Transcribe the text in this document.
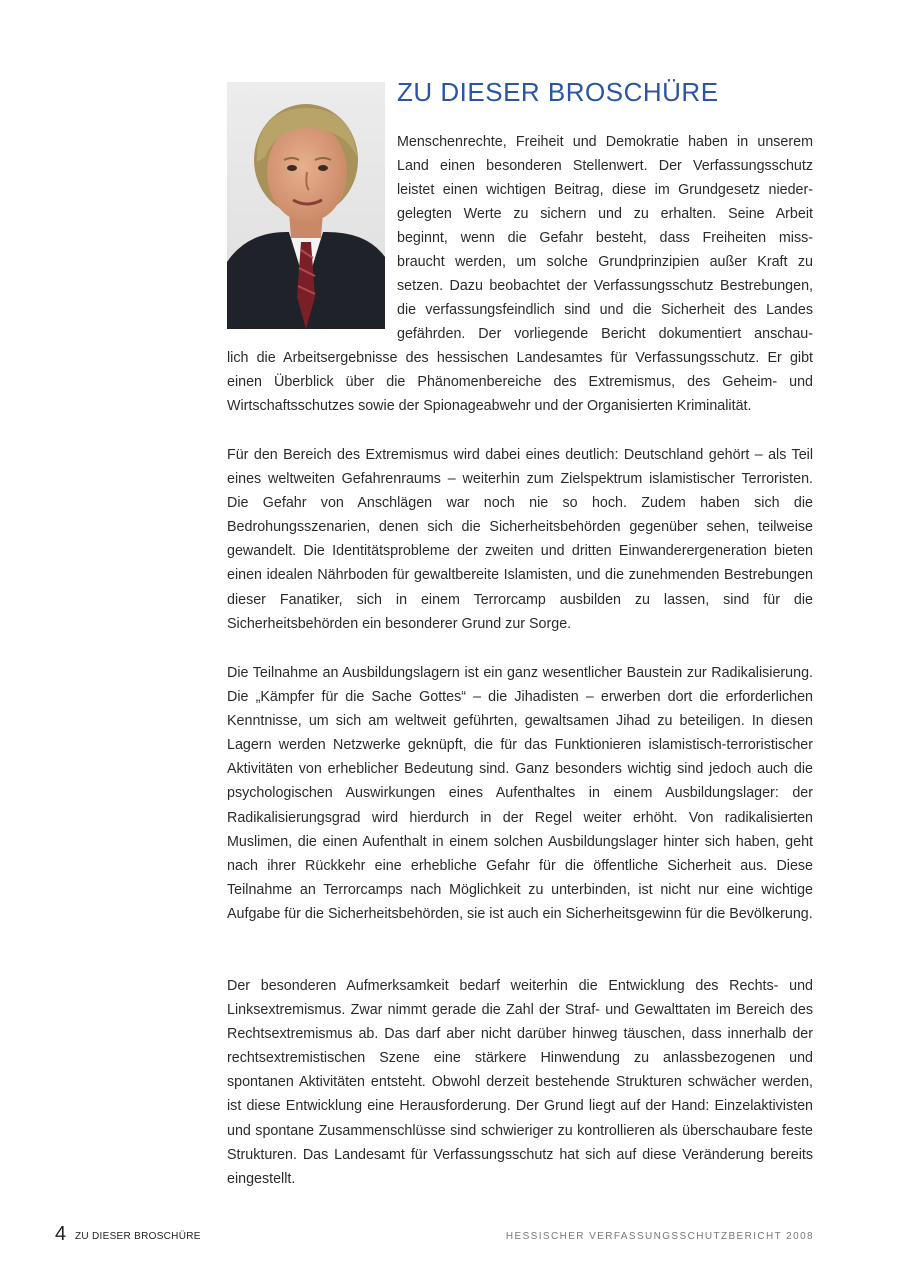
ZU DIESER BROSCHÜRE
Menschenrechte, Freiheit und Demokratie haben in unserem
Land einen besonderen Stellenwert. Der Verfassungsschutz
leistet einen wichtigen Beitrag, diese im Grundgesetz nieder-
gelegten Werte zu sichern und zu erhalten. Seine Arbeit
beginnt, wenn die Gefahr besteht, dass Freiheiten miss-
braucht werden, um solche Grundprinzipien außer Kraft zu
setzen. Dazu beobachtet der Verfassungsschutz Bestrebungen,
die verfassungsfeindlich sind und die Sicherheit des Landes
gefährden. Der vorliegende Bericht dokumentiert anschau-

lich die Arbeitsergebnisse des hessischen Landesamtes für Verfassungsschutz. Er gibt einen Überblick über die Phänomenbereiche des Extremismus, des Geheim- und Wirtschaftsschutzes sowie der Spionageabwehr und der Organisierten Kriminalität.

Für den Bereich des Extremismus wird dabei eines deutlich: Deutschland gehört – als Teil eines weltweiten Gefahrenraums – weiterhin zum Zielspektrum islamistischer Terroristen. Die Gefahr von Anschlägen war noch nie so hoch. Zudem haben sich die Bedrohungsszenarien, denen sich die Sicherheitsbehörden gegenüber sehen, teilweise gewandelt. Die Identitätsprobleme der zweiten und dritten Einwanderergeneration bieten einen idealen Nährboden für gewaltbereite Islamisten, und die zunehmenden Bestrebungen dieser Fanatiker, sich in einem Terrorcamp ausbilden zu lassen, sind für die Sicherheitsbehörden ein besonderer Grund zur Sorge.

Die Teilnahme an Ausbildungslagern ist ein ganz wesentlicher Baustein zur Radikalisierung. Die „Kämpfer für die Sache Gottes“ – die Jihadisten – erwerben dort die erforderlichen Kenntnisse, um sich am weltweit geführten, gewaltsamen Jihad zu beteiligen. In diesen Lagern werden Netzwerke geknüpft, die für das Funktionieren islamistisch-terroristischer Aktivitäten von erheblicher Bedeutung sind. Ganz besonders wichtig sind jedoch auch die psychologischen Auswirkungen eines Aufenthaltes in einem Ausbildungslager: der Radikalisierungsgrad wird hierdurch in der Regel weiter erhöht. Von radikalisierten Muslimen, die einen Aufenthalt in einem solchen Ausbildungslager hinter sich haben, geht nach ihrer Rückkehr eine erhebliche Gefahr für die öffentliche Sicherheit aus. Diese Teilnahme an Terrorcamps nach Möglichkeit zu unterbinden, ist nicht nur eine wichtige Aufgabe für die Sicherheitsbehörden, sie ist auch ein Sicherheitsgewinn für die Bevölkerung.

Der besonderen Aufmerksamkeit bedarf weiterhin die Entwicklung des Rechts- und Linksextremismus. Zwar nimmt gerade die Zahl der Straf- und Gewalttaten im Bereich des Rechtsextremismus ab. Das darf aber nicht darüber hinweg täuschen, dass innerhalb der rechtsextremistischen Szene eine stärkere Hinwendung zu anlassbezogenen und spontanen Aktivitäten entsteht. Obwohl derzeit bestehende Strukturen schwächer werden, ist diese Entwicklung eine Herausforderung. Der Grund liegt auf der Hand: Einzelaktivisten und spontane Zusammenschlüsse sind schwieriger zu kontrollieren als überschaubare feste Strukturen. Das Landesamt für Verfassungsschutz hat sich auf diese Veränderung bereits eingestellt.

4 ZU DIESER BROSCHÜRE	HESSISCHER VERFASSUNGSSCHUTZBERICHT 2008
